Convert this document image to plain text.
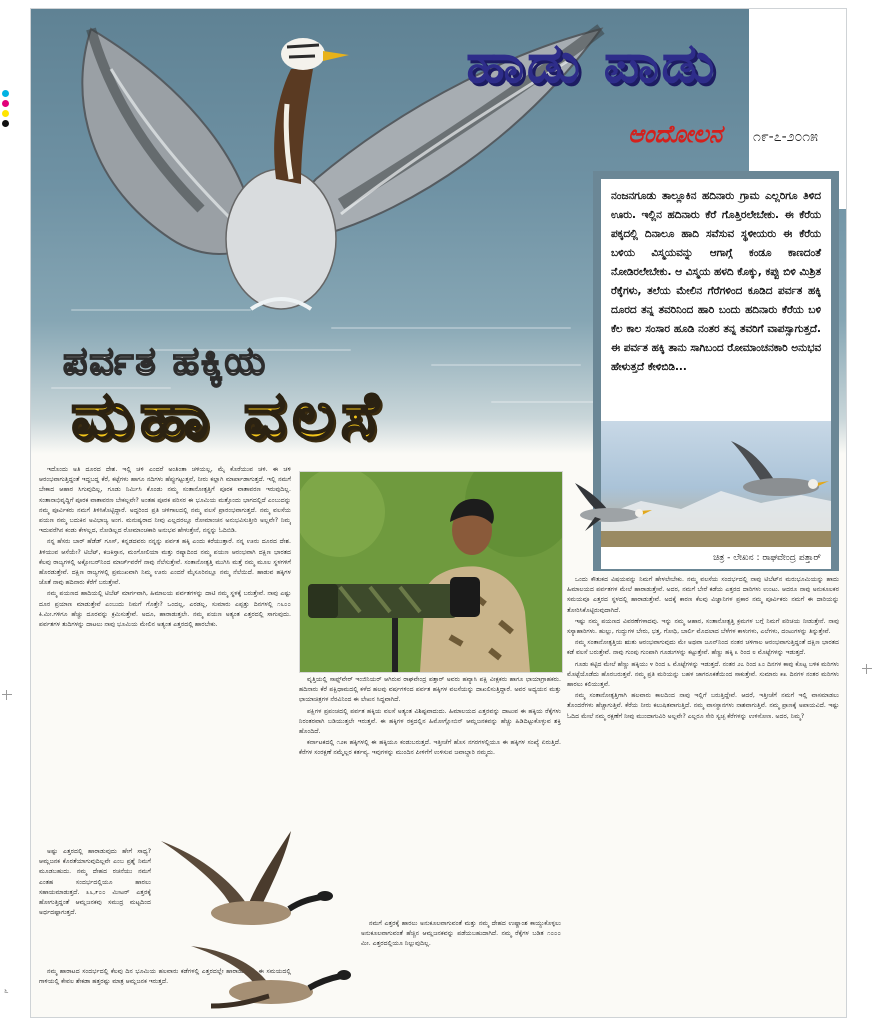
೬
ಹಾಡು ಪಾಡು
ಆಂದೋಲನ ೧೯-೭-೨೦೧೫
ಪರ್ವತ ಹಕ್ಕಿಯ
ಮಹಾ ವಲಸೆ

ನಂಜನಗೂಡು ತಾಲ್ಲೂಕಿನ ಹದಿನಾರು ಗ್ರಾಮ ಎಲ್ಲರಿಗೂ ತಿಳಿದ ಊರು. ಇಲ್ಲಿನ ಹದಿನಾರು ಕೆರೆ ಗೊತ್ತಿರಲೇಬೇಕು. ಈ ಕೆರೆಯ ಪಕ್ಕದಲ್ಲಿ ದಿನಾಲೂ ಹಾದಿ ಸವೆಸುವ ಸ್ಥಳೀಯರು ಈ ಕೆರೆಯ ಬಳಿಯ ವಿಸ್ಮಯವನ್ನು ಆಗಾಗ್ಗೆ ಕಂಡೂ ಕಾಣದಂತೆ ನೋಡಿರಲೇಬೇಕು. ಆ ವಿಸ್ಮಯ ಹಳದಿ ಕೊಕ್ಕು, ಕಪ್ಪು ಬಿಳಿ ಮಿಶ್ರಿತ ರೆಕ್ಕೆಗಳು, ತಲೆಯ ಮೇಲಿನ ಗೆರೆಗಳಿಂದ ಕೂಡಿದ ಪರ್ವತ ಹಕ್ಕಿ ದೂರದ ತನ್ನ ತವರಿನಿಂದ ಹಾರಿ ಬಂದು ಹದಿನಾರು ಕೆರೆಯ ಬಳಿ ಕೆಲ ಕಾಲ ಸಂಸಾರ ಹೂಡಿ ನಂತರ ತನ್ನ ತವರಿಗೆ ವಾಪಸ್ಸಾಗುತ್ತದೆ. ಈ ಪರ್ವತ ಹಕ್ಕಿ ತಾನು ಸಾಗಿಬಂದ ರೋಮಾಂಚನಕಾರಿ ಅನುಭವ ಹೇಳುತ್ತದೆ ಕೇಳಿಬಿಡಿ...

ಚಿತ್ರ - ಲೇಖನ : ರಾಘವೇಂದ್ರ ಪತ್ತಾರ್

ಇದೊಂದು ಅತಿ ದೂರದ ದೇಶ. ಇಲ್ಲಿ ಚಳಿ ಎಂದರೆ ಅಂತಿಂತಾ ಚಳಿಯಲ್ಲ, ಮೈ ಕೊರೆಯುವ ಚಳಿ. ಈ ಚಳಿ ಆರಂಭವಾಗುತ್ತಿದ್ದಂತೆ ಇದ್ದಬದ್ದ ಕೆರೆ, ಕಟ್ಟೆಗಳು ಹಾಗೂ ನದಿಗಳು ಹೆಪ್ಪುಗಟ್ಟುತ್ತವೆ, ನೀರು ಕಲ್ಲಾಗಿ ಮಾರ್ಪಾಡಾಗುತ್ತದೆ. ಇಲ್ಲಿ ನಮಗೆ ಬೇಕಾದ ಆಹಾರ ಸಿಗುವುದಿಲ್ಲ, ಗೂಡು ನಿರ್ಮಿಸಿ ಕೊಂಡು ನಮ್ಮ ಸಂತಾನೋತ್ಪತ್ತಿಗೆ ಪೂರಕ ವಾತಾವರಣ ಇರುವುದಿಲ್ಲ. ಸಂತಾನಾಭಿವೃದ್ಧಿಗೆ ಪೂರಕ ವಾತಾವರಣ ಬೇಕಲ್ಲವೇ? ಅಂತಹ ಪೂರಕ ಪರಿಸರ ಈ ಭೂಮಿಯ ಮತ್ತೊಂದು ಭಾಗದಲ್ಲಿದೆ ಎಂಬುದನ್ನು ನಮ್ಮ ಪೂರ್ವಿಕರು ನಮಗೆ ತಿಳಿಸಿಕೊಟ್ಟಿದ್ದಾರೆ. ಅದ್ದರಿಂದ ಪ್ರತಿ ಚಳಿಗಾಲದಲ್ಲಿ ನಮ್ಮ ವಲಸೆ ಪ್ರಾರಂಭವಾಗುತ್ತದೆ. ನಮ್ಮ ವಲಸೆಯ ಪಯಣ ನಮ್ಮ ಬದುಕಿನ ಅವಿಭಾಜ್ಯ ಅಂಗ. ಮನುಷ್ಯರಾದ ನೀವು ಎಲ್ಲದರಲ್ಲೂ ರೋಮಾಂಚನ ಅನುಭವಿಸುತ್ತೀರಿ ಅಲ್ಲವೇ? ನಿಮ್ಮ ಇದುವರೆಗಿನ ಕಂಡು ಕೇಳಲ್ಲದ, ನೋಡಿಲ್ಲದ ರೋಮಾಂಚಕಾರಿ ಅನುಭವ ಹೇಳುತ್ತೇನೆ, ನನ್ನನ್ನು ಓದಿಬಿಡಿ.

ನನ್ನ ಹೆಸರು ಬಾರ್ ಹೆಡೆಡ್ ಗೂಸ್, ಕನ್ನಡದವರು ನನ್ನನ್ನು ಪರ್ವತ ಹಕ್ಕಿ ಎಂದು ಕರೆಯುತ್ತಾರೆ. ನನ್ನ ಊರು ದೂರದ ದೇಶ. ತಿಳಿಯುವ ಆಸೆಯೇ? ಟಿಬೆಟ್, ಕಜಕಿಸ್ತಾನ, ಮಂಗೋಲಿಯಾ ಮತ್ತು ರಷ್ಯಾದಿಂದ ನಮ್ಮ ಪಯಣ ಆರಂಭವಾಗಿ ದಕ್ಷಿಣ ಭಾರತದ ಕೆಲವು ರಾಜ್ಯಗಳಲ್ಲಿ ಅಕ್ಟೋಬರ್‌ನಿಂದ ಮಾರ್ಚ್‌ವರೆಗೆ ನಾವು ನೆಲೆಸುತ್ತೇವೆ. ಸಂತಾನೋತ್ಪತ್ತಿ ಮುಗಿಸಿ ಮತ್ತೆ ನಮ್ಮ ಮೂಲ ಸ್ಥಳಗಳಿಗೆ ಹೊರಡುತ್ತೇವೆ. ದಕ್ಷಿಣ ರಾಜ್ಯಗಳಲ್ಲಿ ಪ್ರಮುಖವಾಗಿ ನಿಮ್ಮ ಊರು ಎಂದರೆ ಮೈಸೂರಿನಲ್ಲೂ ನಮ್ಮ ನೆಲೆಯಿದೆ. ಹಾಡುವ ಹಕ್ಕಿಗಳ ಜೊತೆ ನಾವು ಹದಿನಾರು ಕೆರೆಗೆ ಬರುತ್ತೇವೆ.

ನಮ್ಮ ಪಯಣದ ಹಾದಿಯಲ್ಲಿ ಟಿಬೆಟ್ ಮಾರ್ಗವಾಗಿ, ಹಿಮಾಲಯ ಪರ್ವತಗಳನ್ನು ದಾಟಿ ನಮ್ಮ ಸ್ಥಳಕ್ಕೆ ಬರುತ್ತೇವೆ. ನಾವು ಎಷ್ಟು ದೂರ ಪ್ರಯಾಣ ಮಾಡುತ್ತೇವೆ ಎಂಬುದು ನಿಮಗೆ ಗೊತ್ತೇ? ಒಂದಲ್ಲ, ಎರಡಲ್ಲ, ಸುಮಾರು ಎಪ್ಪತ್ತು ದಿನಗಳಲ್ಲಿ ೧೬೦೦ ಕಿ.ಮೀ.ಗಳಿಗೂ ಹೆಚ್ಚು ದೂರವನ್ನು ಕ್ರಮಿಸುತ್ತೇವೆ. ಅದೂ, ಹಾರಾಡುತ್ತಲೇ. ನಮ್ಮ ಪಯಣ ಅತ್ಯಂತ ಎತ್ತರದಲ್ಲಿ ಸಾಗುವುದು. ಪರ್ವತಗಳ ತುದಿಗಳನ್ನು ದಾಟಲು ನಾವು ಭೂಮಿಯ ಮೇಲಿನ ಅತ್ಯಂತ ಎತ್ತರದಲ್ಲಿ ಹಾರಬೇಕು.

ಅಷ್ಟು ಎತ್ತರದಲ್ಲಿ ಹಾರಾಡುವುದು ಹೇಗೆ ಸಾಧ್ಯ? ಆಮ್ಲಜನಕ ಕೊರತೆಯಾಗುವುದಿಲ್ಲವೇ ಎಂಬ ಪ್ರಶ್ನೆ ನಿಮಗೆ ಮೂಡಬಹುದು. ನಮ್ಮ ದೇಹದ ರಚನೆಯು ನಮಗೆ ಎಂತಹ ಸಂದರ್ಭದಲ್ಲಿಯೂ ಹಾರಲು ಸಹಾಯಮಾಡುತ್ತದೆ. ೩೬,೯೦೦ ಮೀಟರ್ ಎತ್ತರಕ್ಕೆ ಹೋಗುತ್ತಿದ್ದಂತೆ ಆಮ್ಲಜನಕವು ಸಮುದ್ರ ಮಟ್ಟದಿಂದ ಅರ್ಧದಷ್ಟಾಗುತ್ತದೆ.

ನಮ್ಮ ಹಾರಾಟದ ಸಂದರ್ಭದಲ್ಲಿ ಕೆಲವು ದಿನ ಭೂಮಿಯ ಹಲವಾರು ಕಡೆಗಳಲ್ಲಿ ಎತ್ತರದಲ್ಲೇ ಹಾರಾಡುತ್ತೇವೆ. ಈ ಸಮಯದಲ್ಲಿ ಗಾಳಿಯಲ್ಲಿ ಕೇವಲ ಶೇಕಡಾ ಹತ್ತರಷ್ಟು ಮಾತ್ರ ಆಮ್ಲಜನಕ ಇರುತ್ತದೆ.

ವೃತ್ತಿಯಲ್ಲಿ ಸಾಫ್ಟ್‌ವೇರ್ ಇಂಜಿನಿಯರ್ ಆಗಿರುವ ರಾಘವೇಂದ್ರ ಪತ್ತಾರ್ ಅವರು ಹವ್ಯಾಸಿ ಪಕ್ಷಿ ವೀಕ್ಷಕರು ಹಾಗೂ ಛಾಯಾಗ್ರಾಹಕರು. ಹದಿನಾರು ಕೆರೆ ಪಕ್ಷಿಧಾಮದಲ್ಲಿ ಕಳೆದ ಹಲವು ವರ್ಷಗಳಿಂದ ಪರ್ವತ ಹಕ್ಕಿಗಳ ವಲಸೆಯನ್ನು ದಾಖಲಿಸುತ್ತಿದ್ದಾರೆ. ಅವರ ಅಧ್ಯಯನ ಮತ್ತು ಛಾಯಾಚಿತ್ರಗಳ ನೆರವಿನಿಂದ ಈ ಲೇಖನ ಸಿದ್ಧವಾಗಿದೆ.

ಪಕ್ಷಿಗಳ ಪ್ರಪಂಚದಲ್ಲಿ ಪರ್ವತ ಹಕ್ಕಿಯ ವಲಸೆ ಅತ್ಯಂತ ವಿಶಿಷ್ಟವಾದುದು. ಹಿಮಾಲಯದ ಎತ್ತರವನ್ನು ದಾಟುವ ಈ ಹಕ್ಕಿಯ ರೆಕ್ಕೆಗಳು ನಿರಂತರವಾಗಿ ಬಡಿಯುತ್ತಲೇ ಇರುತ್ತವೆ. ಈ ಹಕ್ಕಿಗಳ ರಕ್ತದಲ್ಲಿನ ಹಿಮೋಗ್ಲೋಬಿನ್ ಆಮ್ಲಜನಕವನ್ನು ಹೆಚ್ಚು ಹಿಡಿದಿಟ್ಟುಕೊಳ್ಳುವ ಶಕ್ತಿ ಹೊಂದಿದೆ.

ಕರ್ನಾಟಕದಲ್ಲಿ ೧೨೫ ಹಕ್ಕಿಗಳಲ್ಲಿ ಈ ಹಕ್ಕಿಯೂ ಕಂಡುಬರುತ್ತದೆ. ಇತ್ತೀಚೆಗೆ ಹೊಸ ನಗರಗಳಲ್ಲಿಯೂ ಈ ಹಕ್ಕಿಗಳ ಸಂಖ್ಯೆ ಏರುತ್ತಿದೆ. ಕೆರೆಗಳ ಸಂರಕ್ಷಣೆ ನಮ್ಮೆಲ್ಲರ ಕರ್ತವ್ಯ. ಇವುಗಳನ್ನು ಮುಂದಿನ ಪೀಳಿಗೆಗೆ ಉಳಿಸುವ ಜವಾಬ್ದಾರಿ ನಮ್ಮದು.

ನಮಗೆ ಎತ್ತರಕ್ಕೆ ಹಾರಲು ಅನುಕೂಲವಾಗುವಂತೆ ಮತ್ತು ನಮ್ಮ ದೇಹದ ಉಷ್ಣಾಂಶ ಕಾಯ್ದುಕೊಳ್ಳಲು ಅನುಕೂಲವಾಗುವಂತೆ ಹೆಚ್ಚಿನ ಆಮ್ಲಜನಕವನ್ನು ಪಡೆಯಬಹುದಾಗಿದೆ. ನಮ್ಮ ರೆಕ್ಕೆಗಳ ಬಡಿತ ೧೦೦೦ ಮೀ. ಎತ್ತರದಲ್ಲಿಯೂ ನಿಲ್ಲುವುದಿಲ್ಲ.

ಒಂದು ಕೌತುಕದ ವಿಷಯವನ್ನು ನಿಮಗೆ ಹೇಳಲೇಬೇಕು. ನಮ್ಮ ವಲಸೆಯ ಸಂದರ್ಭದಲ್ಲಿ ನಾವು ಟಿಬೆಟ್‌ನ ಮರುಭೂಮಿಯನ್ನು ಹಾದು ಹಿಮಾಲಯದ ಪರ್ವತಗಳ ಮೇಲೆ ಹಾರಾಡುತ್ತೇವೆ. ಅದರ, ನಮಗೆ ಬೇರೆ ಕಡೆಯ ಎತ್ತರದ ದಾರಿಗಳು ಉಂಟು. ಆದರೂ ನಾವು ಅನುಕೂಲಕರ ಸಮಯವೂ ಎತ್ತರದ ಸ್ಥಳದಲ್ಲಿ ಹಾರಾಡುತ್ತೇವೆ. ಅದಕ್ಕೆ ಕಾರಣ ಕೆಲವು ವಿಜ್ಞಾನಿಗಳ ಪ್ರಕಾರ ನಮ್ಮ ಪೂರ್ವಿಕರು ನಮಗೆ ಈ ದಾರಿಯನ್ನು ತೋರಿಸಿಕೊಟ್ಟಿರುವುದಾಗಿದೆ.

ಇಷ್ಟು ನಮ್ಮ ಪಯಣದ ವಿವರಣೆಗಳಾದವು. ಇನ್ನು ನಮ್ಮ ಆಹಾರ, ಸಂತಾನೋತ್ಪತ್ತಿ ಕ್ರಮಗಳ ಬಗ್ಗೆ ನಿಮಗೆ ಪರಿಚಯ ನೀಡುತ್ತೇನೆ. ನಾವು ಸಸ್ಯಾಹಾರಿಗಳು. ಹುಲ್ಲು, ಗುದ್ದುಗಳ ಬೇರು, ಭತ್ತ, ಗೋಧಿ, ಬಾರ್ಲಿ ಮೊದಲಾದ ಬೆಳೆಗಳ ಕಾಳುಗಳು, ಎಲೆಗಳು, ದಂಟುಗಳನ್ನು ತಿನ್ನುತ್ತೇವೆ.

ನಮ್ಮ ಸಂತಾನೋತ್ಪತ್ತಿಯ ಋತು ಆರಂಭವಾಗುವುದು ಮೇ ಅಥವಾ ಜೂನ್‌ನಿಂದ ನಂತರ ಚಳಿಗಾಲ ಆರಂಭವಾಗುತ್ತಿದ್ದಂತೆ ದಕ್ಷಿಣ ಭಾರತದ ಕಡೆ ವಲಸೆ ಬರುತ್ತೇವೆ. ನಾವು ಗುಂಪು ಗುಂಪಾಗಿ ಗೂಡುಗಳನ್ನು ಕಟ್ಟುತ್ತೇವೆ. ಹೆಣ್ಣು ಹಕ್ಕಿ ೩ ರಿಂದ ೮ ಮೊಟ್ಟೆಗಳನ್ನು ಇಡುತ್ತದೆ.

ಗೂಡು ಕಟ್ಟಿದ ಮೇಲೆ ಹೆಣ್ಣು ಹಕ್ಕಿಯು ೪ ರಿಂದ ೬ ಮೊಟ್ಟೆಗಳನ್ನು ಇಡುತ್ತದೆ. ನಂತರ ೨೭ ರಿಂದ ೩೦ ದಿನಗಳ ಕಾವು ಕೊಟ್ಟ ಬಳಿಕ ಮರಿಗಳು ಮೊಟ್ಟೆಯೊಡೆದು ಹೊರಬರುತ್ತವೆ. ನಮ್ಮ ಪ್ರತಿ ಮರಿಯನ್ನು ಬಹಳ ಜಾಗರೂಕತೆಯಿಂದ ಸಾಕುತ್ತೇವೆ. ಸುಮಾರು ೫೩ ದಿನಗಳ ನಂತರ ಮರಿಗಳು ಹಾರಲು ಕಲಿಯುತ್ತವೆ.

ನಮ್ಮ ಸಂತಾನೋತ್ಪತ್ತಿಗಾಗಿ ಹಲವಾರು ಕಾಲದಿಂದ ನಾವು ಇಲ್ಲಿಗೆ ಬರುತ್ತಿದ್ದೇವೆ. ಆದರೆ, ಇತ್ತೀಚೆಗೆ ನಮಗೆ ಇಲ್ಲಿ ವಾಸಮಾಡಲು ತೊಂದರೆಗಳು ಹೆಚ್ಚಾಗುತ್ತಿವೆ. ಕೆರೆಯ ನೀರು ಕಲುಷಿತವಾಗುತ್ತಿದೆ. ನಮ್ಮ ವಾಸಸ್ಥಾನಗಳು ನಾಶವಾಗುತ್ತಿವೆ. ನಮ್ಮ ಪ್ರಾಣಕ್ಕೆ ಅಪಾಯವಿದೆ. ಇಷ್ಟು ಓದಿದ ಮೇಲೆ ನಮ್ಮ ರಕ್ಷಣೆಗೆ ನೀವು ಮುಂದಾಗುವಿರಿ ಅಲ್ಲವೇ? ಎಲ್ಲರೂ ಸೇರಿ ಸ್ವಚ್ಛ ಕೆರೆಗಳನ್ನು ಉಳಿಸೋಣ. ಅದರ, ನಿಮ್ಮ?
